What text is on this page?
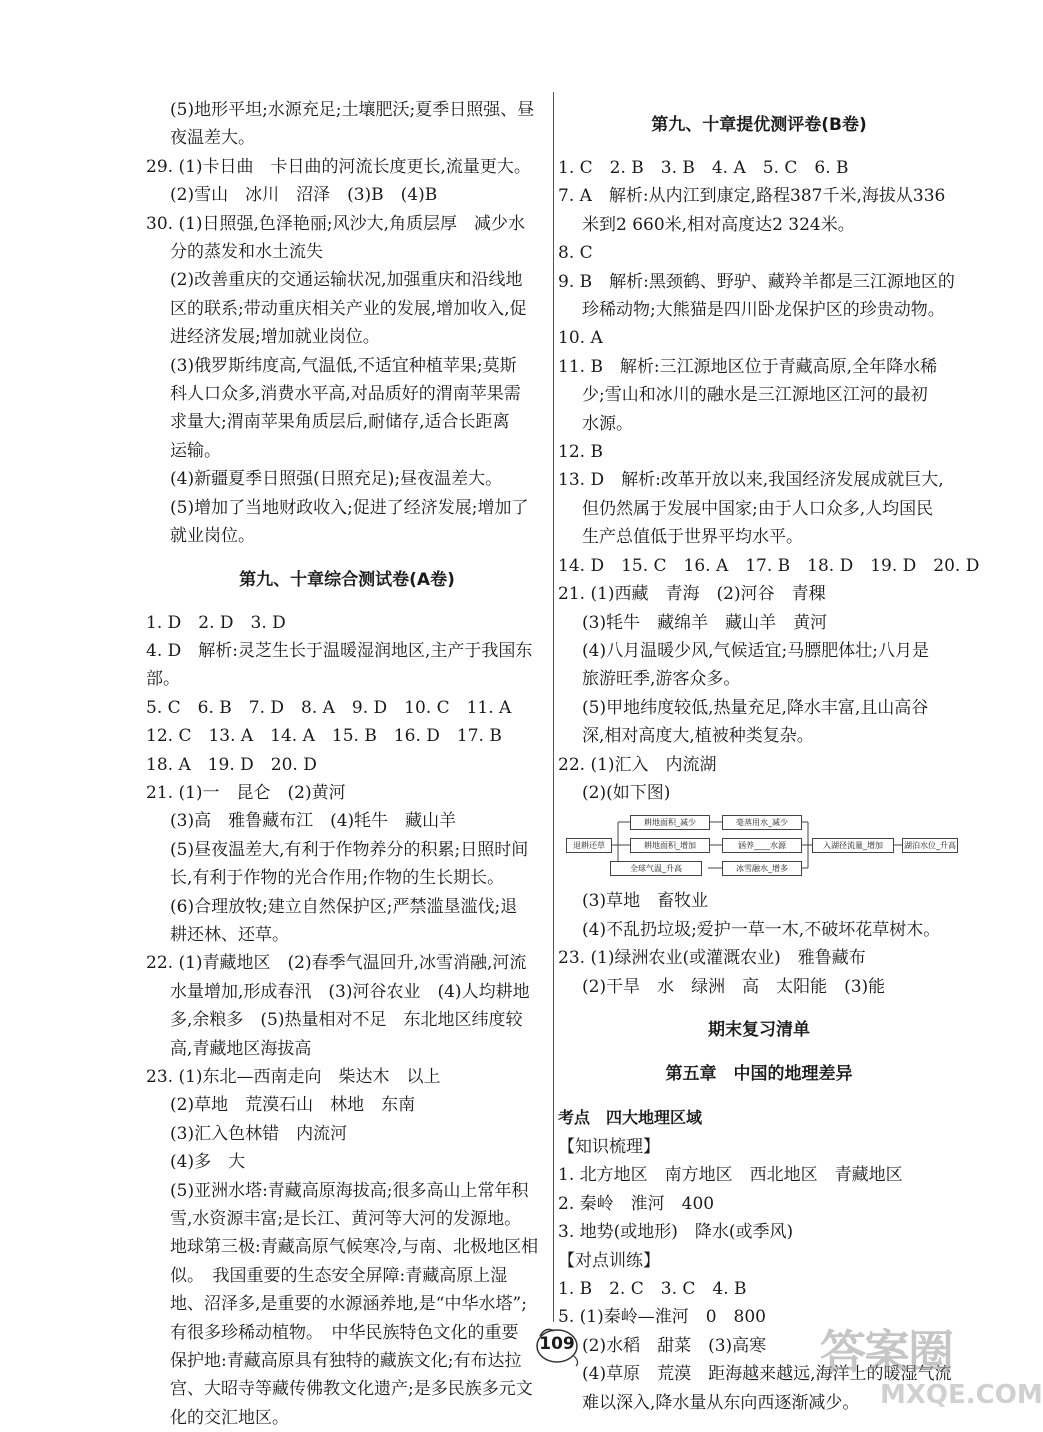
(5)地形平坦;水源充足;土壤肥沃;夏季日照强、昼
夜温差大。
29. (1)卡日曲　卡日曲的河流长度更长,流量更大。
(2)雪山　冰川　沼泽　(3)B　(4)B
30. (1)日照强,色泽艳丽;风沙大,角质层厚　减少水
分的蒸发和水土流失
(2)改善重庆的交通运输状况,加强重庆和沿线地
区的联系;带动重庆相关产业的发展,增加收入,促
进经济发展;增加就业岗位。
(3)俄罗斯纬度高,气温低,不适宜种植苹果;莫斯
科人口众多,消费水平高,对品质好的渭南苹果需
求量大;渭南苹果角质层后,耐储存,适合长距离
运输。
(4)新疆夏季日照强(日照充足);昼夜温差大。
(5)增加了当地财政收入;促进了经济发展;增加了
就业岗位。
第九、十章综合测试卷(A卷)
1. D　2. D　3. D
4. D　解析:灵芝生长于温暖湿润地区,主产于我国东
部。
5. C　6. B　7. D　8. A　9. D　10. C　11. A
12. C　13. A　14. A　15. B　16. D　17. B
18. A　19. D　20. D
21. (1)一　昆仑　(2)黄河
(3)高　雅鲁藏布江　(4)牦牛　藏山羊
(5)昼夜温差大,有利于作物养分的积累;日照时间
长,有利于作物的光合作用;作物的生长期长。
(6)合理放牧;建立自然保护区;严禁滥垦滥伐;退
耕还林、还草。
22. (1)青藏地区　(2)春季气温回升,冰雪消融,河流
水量增加,形成春汛　(3)河谷农业　(4)人均耕地
多,余粮多　(5)热量相对不足　东北地区纬度较
高,青藏地区海拔高
23. (1)东北—西南走向　柴达木　以上
(2)草地　荒漠石山　林地　东南
(3)汇入色林错　内流河
(4)多　大
(5)亚洲水塔:青藏高原海拔高;很多高山上常年积
雪,水资源丰富;是长江、黄河等大河的发源地。
地球第三极:青藏高原气候寒冷,与南、北极地区相
似。　我国重要的生态安全屏障:青藏高原上湿
地、沼泽多,是重要的水源涵养地,是“中华水塔”;
有很多珍稀动植物。　中华民族特色文化的重要
保护地:青藏高原具有独特的藏族文化;有布达拉
宫、大昭寺等藏传佛教文化遗产;是多民族多元文
化的交汇地区。
第九、十章提优测评卷(B卷)
1. C　2. B　3. B　4. A　5. C　6. B
7. A　解析:从内江到康定,路程387千米,海拔从336
米到2 660米,相对高度达2 324米。
8. C
9. B　解析:黑颈鹤、野驴、藏羚羊都是三江源地区的
珍稀动物;大熊猫是四川卧龙保护区的珍贵动物。
10. A
11. B　解析:三江源地区位于青藏高原,全年降水稀
少;雪山和冰川的融水是三江源地区江河的最初
水源。
12. B
13. D　解析:改革开放以来,我国经济发展成就巨大,
但仍然属于发展中国家;由于人口众多,人均国民
生产总值低于世界平均水平。
14. D　15. C　16. A　17. B　18. D　19. D　20. D
21. (1)西藏　青海　(2)河谷　青稞
(3)牦牛　藏绵羊　藏山羊　黄河
(4)八月温暖少风,气候适宜;马膘肥体壮;八月是
旅游旺季,游客众多。
(5)甲地纬度较低,热量充足,降水丰富,且山高谷
深,相对高度大,植被种类复杂。
22. (1)汇入　内流湖
(2)(如下图)
退耕还草
耕地面积_减少
耕地面积_增加
全球气温_升高
毫蒸用水_减少
涵养____水源
冰雪融水_增多
入湖径流量_增加	湖泊水位_升高
(3)草地　畜牧业
(4)不乱扔垃圾;爱护一草一木,不破坏花草树木。
23. (1)绿洲农业(或灌溉农业)　雅鲁藏布
(2)干旱　水　绿洲　高　太阳能　(3)能
期末复习清单
第五章　中国的地理差异
考点　四大地理区域
【知识梳理】
1. 北方地区　南方地区　西北地区　青藏地区
2. 秦岭　淮河　400
3. 地势(或地形)　降水(或季风)
【对点训练】
1. B　2. C　3. C　4. B
5. (1)秦岭—淮河　0　800
(2)水稻　甜菜　(3)高寒
(4)草原　荒漠　距海越来越远,海洋上的暖湿气流
难以深入,降水量从东向西逐渐减少。
109	答案圈
MXQE.COM
